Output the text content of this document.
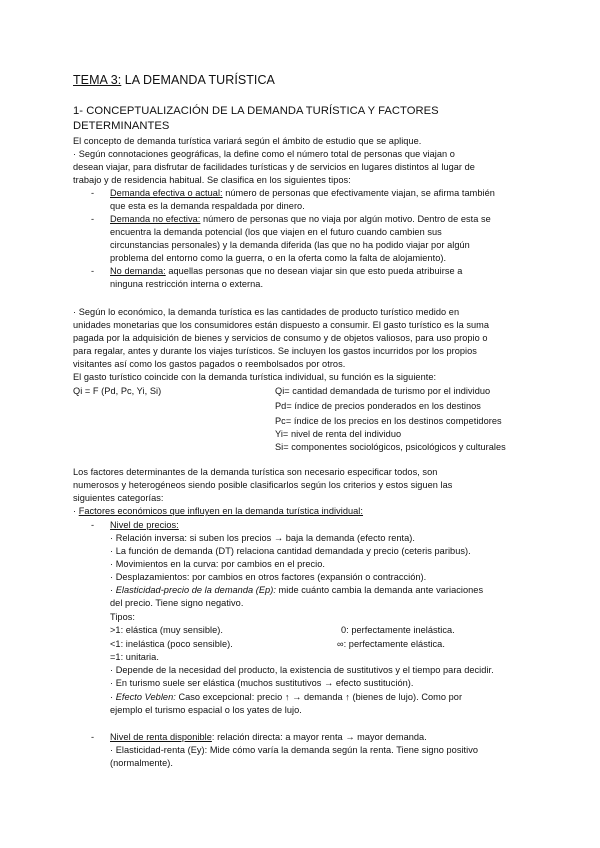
TEMA 3: LA DEMANDA TURÍSTICA
1- CONCEPTUALIZACIÓN DE LA DEMANDA TURÍSTICA Y FACTORES
DETERMINANTES
El concepto de demanda turística variará según el ámbito de estudio que se aplique.
· Según connotaciones geográficas, la define como el número total de personas que viajan o
desean viajar, para disfrutar de facilidades turísticas y de servicios en lugares distintos al lugar de
trabajo y de residencia habitual. Se clasifica en los siguientes tipos:
- Demanda efectiva o actual: número de personas que efectivamente viajan, se afirma también
que esta es la demanda respaldada por dinero.
- Demanda no efectiva: número de personas que no viaja por algún motivo. Dentro de esta se
encuentra la demanda potencial (los que viajen en el futuro cuando cambien sus
circunstancias personales) y la demanda diferida (las que no ha podido viajar por algún
problema del entorno como la guerra, o en la oferta como la falta de alojamiento).
- No demanda: aquellas personas que no desean viajar sin que esto pueda atribuirse a
ninguna restricción interna o externa.
· Según lo económico, la demanda turística es las cantidades de producto turístico medido en
unidades monetarias que los consumidores están dispuesto a consumir. El gasto turístico es la suma
pagada por la adquisición de bienes y servicios de consumo y de objetos valiosos, para uso propio o
para regalar, antes y durante los viajes turísticos. Se incluyen los gastos incurridos por los propios
visitantes así como los gastos pagados o reembolsados por otros.
El gasto turístico coincide con la demanda turística individual, su función es la siguiente:
Qi = F (Pd, Pc, Yi, Si)	Qi= cantidad demandada de turismo por el individuo
Pd= índice de precios ponderados en los destinos
Pc= índice de los precios en los destinos competidores
Yi= nivel de renta del individuo
Si= componentes sociológicos, psicológicos y culturales
Los factores determinantes de la demanda turística son necesario especificar todos, son
numerosos y heterogéneos siendo posible clasificarlos según los criterios y estos siguen las
siguientes categorías:
· Factores económicos que influyen en la demanda turística individual:
- Nivel de precios:
· Relación inversa: si suben los precios → baja la demanda (efecto renta).
· La función de demanda (DT) relaciona cantidad demandada y precio (ceteris paribus).
· Movimientos en la curva: por cambios en el precio.
· Desplazamientos: por cambios en otros factores (expansión o contracción).
· Elasticidad-precio de la demanda (Ep): mide cuánto cambia la demanda ante variaciones
del precio. Tiene signo negativo.
Tipos:
>1: elástica (muy sensible).	0: perfectamente inelástica.
<1: inelástica (poco sensible).	∞: perfectamente elástica.
=1: unitaria.
· Depende de la necesidad del producto, la existencia de sustitutivos y el tiempo para decidir.
· En turismo suele ser elástica (muchos sustitutivos → efecto sustitución).
· Efecto Veblen: Caso excepcional: precio ↑ → demanda ↑ (bienes de lujo). Como por
ejemplo el turismo espacial o los yates de lujo.
- Nivel de renta disponible: relación directa: a mayor renta → mayor demanda.
· Elasticidad-renta (Ey): Mide cómo varía la demanda según la renta. Tiene signo positivo
(normalmente).
